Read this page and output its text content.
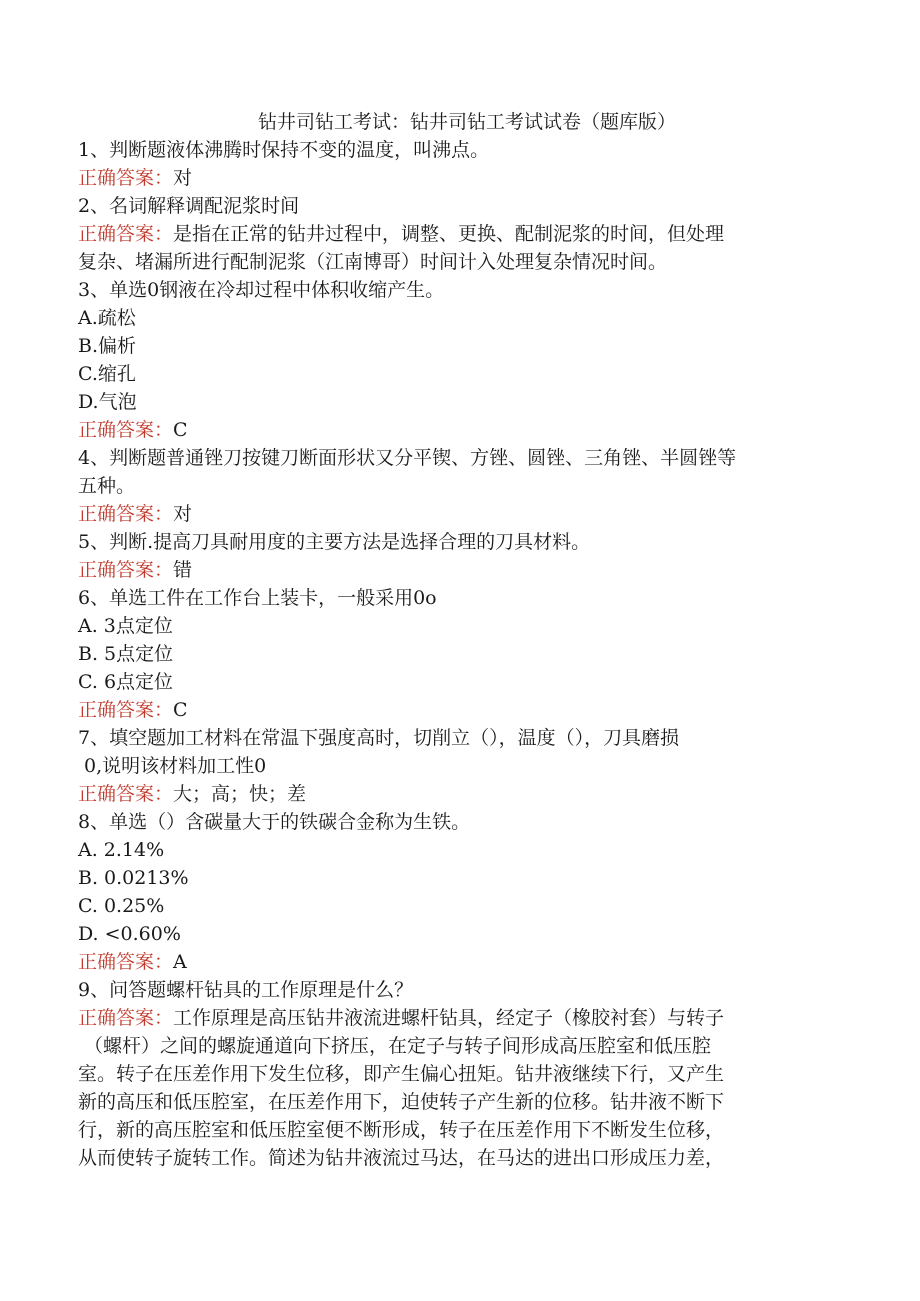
钻井司钻工考试：钻井司钻工考试试卷（题库版）

1、判断题液体沸腾时保持不变的温度，叫沸点。

正确答案：对

2、名词解释调配泥浆时间

正确答案：是指在正常的钻井过程中，调整、更换、配制泥浆的时间，但处理

复杂、堵漏所进行配制泥浆（江南博哥）时间计入处理复杂情况时间。

3、单选0钢液在冷却过程中体积收缩产生。

A.疏松

B.偏析

C.缩孔

D.气泡

正确答案：C

4、判断题普通锉刀按键刀断面形状又分平锲、方锉、圆锉、三角锉、半圆锉等

五种。

正确答案：对

5、判断.提高刀具耐用度的主要方法是选择合理的刀具材料。

正确答案：错

6、单选工件在工作台上装卡，一般采用0o

A. 3点定位

B. 5点定位

C. 6点定位

正确答案：C

7、填空题加工材料在常温下强度高时，切削立（），温度（），刀具磨损

0,说明该材料加工性0

正确答案：大；高；快；差

8、单选（）含碳量大于的铁碳合金称为生铁。

A. 2.14%

B. 0.0213%

C. 0.25%

D. <0.60%

正确答案：A

9、问答题螺杆钻具的工作原理是什么？

正确答案：工作原理是高压钻井液流进螺杆钻具，经定子（橡胶衬套）与转子

（螺杆）之间的螺旋通道向下挤压，在定子与转子间形成高压腔室和低压腔

室。转子在压差作用下发生位移，即产生偏心扭矩。钻井液继续下行，又产生

新的高压和低压腔室，在压差作用下，迫使转子产生新的位移。钻井液不断下

行，新的高压腔室和低压腔室便不断形成，转子在压差作用下不断发生位移，

从而使转子旋转工作。简述为钻井液流过马达，在马达的进出口形成压力差，
